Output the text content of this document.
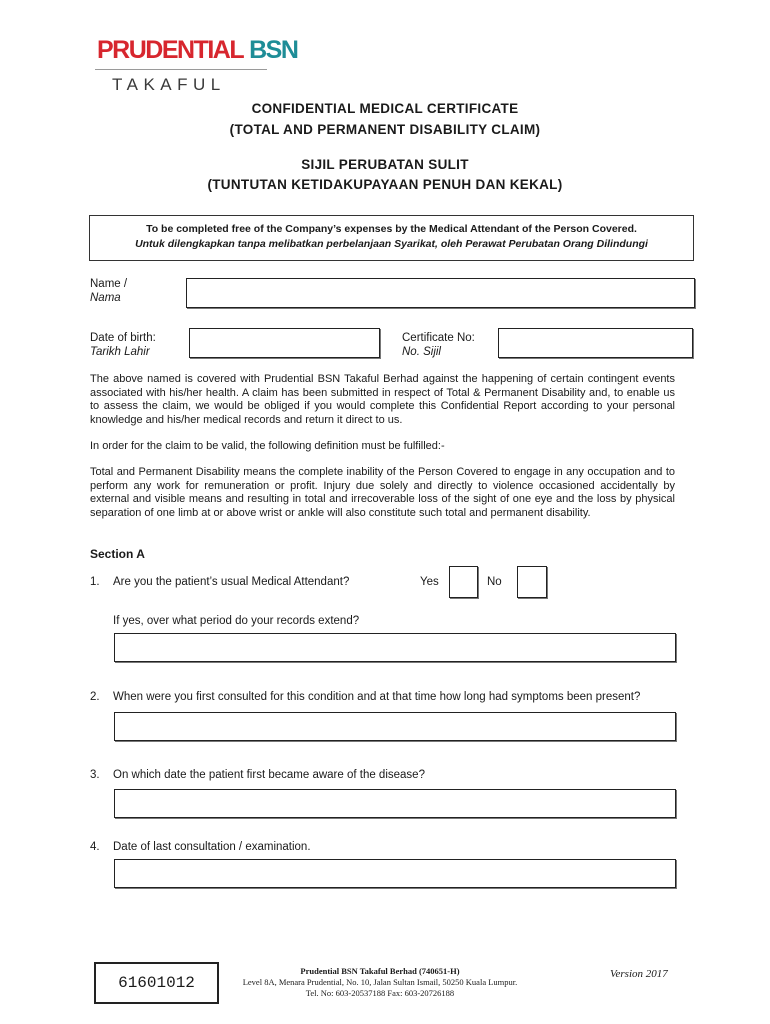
PRUDENTIAL BSN
TAKAFUL
CONFIDENTIAL MEDICAL CERTIFICATE
(TOTAL AND PERMANENT DISABILITY CLAIM)
SIJIL PERUBATAN SULIT
(TUNTUTAN KETIDAKUPAYAAN PENUH DAN KEKAL)
To be completed free of the Company’s expenses by the Medical Attendant of the Person Covered.
Untuk dilengkapkan tanpa melibatkan perbelanjaan Syarikat, oleh Perawat Perubatan Orang Dilindungi
Name /
Nama
Date of birth:
Tarikh Lahir
Certificate No:
No. Sijil
The above named is covered with Prudential BSN Takaful Berhad against the happening of certain contingent events associated with his/her health. A claim has been submitted in respect of Total & Permanent Disability and, to enable us to assess the claim, we would be obliged if you would complete this Confidential Report according to your personal knowledge and his/her medical records and return it direct to us.
In order for the claim to be valid, the following definition must be fulfilled:-
Total and Permanent Disability means the complete inability of the Person Covered to engage in any occupation and to perform any work for remuneration or profit. Injury due solely and directly to violence occasioned accidentally by external and visible means and resulting in total and irrecoverable loss of the sight of one eye and the loss by physical separation of one limb at or above wrist or ankle will also constitute such total and permanent disability.
Section A
1. Are you the patient’s usual Medical Attendant?	Yes	No
If yes, over what period do your records extend?
2. When were you first consulted for this condition and at that time how long had symptoms been present?
3. On which date the patient first became aware of the disease?
4. Date of last consultation / examination.
61601012
Prudential BSN Takaful Berhad (740651-H)
Level 8A, Menara Prudential, No. 10, Jalan Sultan Ismail, 50250 Kuala Lumpur.
Tel. No: 603-20537188 Fax: 603-20726188
Version 2017
